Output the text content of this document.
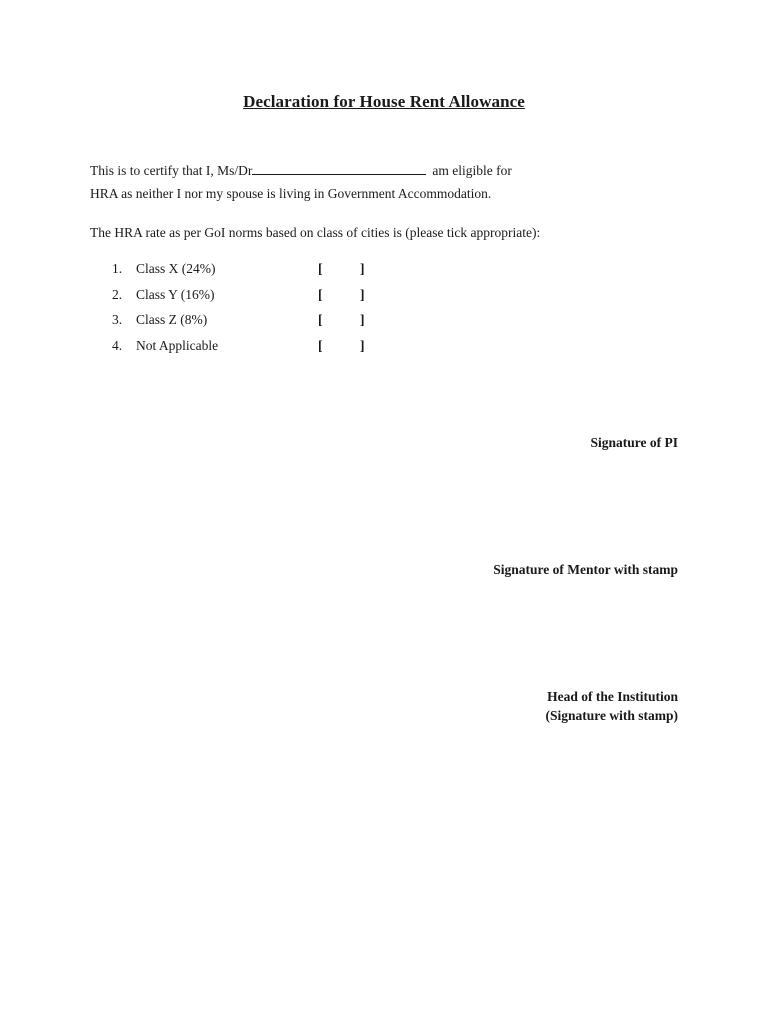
Declaration for House Rent Allowance
This is to certify that I, Ms/Dr	am eligible for
HRA as neither I nor my spouse is living in Government Accommodation.
The HRA rate as per GoI norms based on class of cities is (please tick appropriate):
1.	Class X (24%)	[	]
2.	Class Y (16%)	[	]
3.	Class Z (8%)	[	]
4.	Not Applicable	[	]
Signature of PI
Signature of Mentor with stamp
Head of the Institution
(Signature with stamp)
